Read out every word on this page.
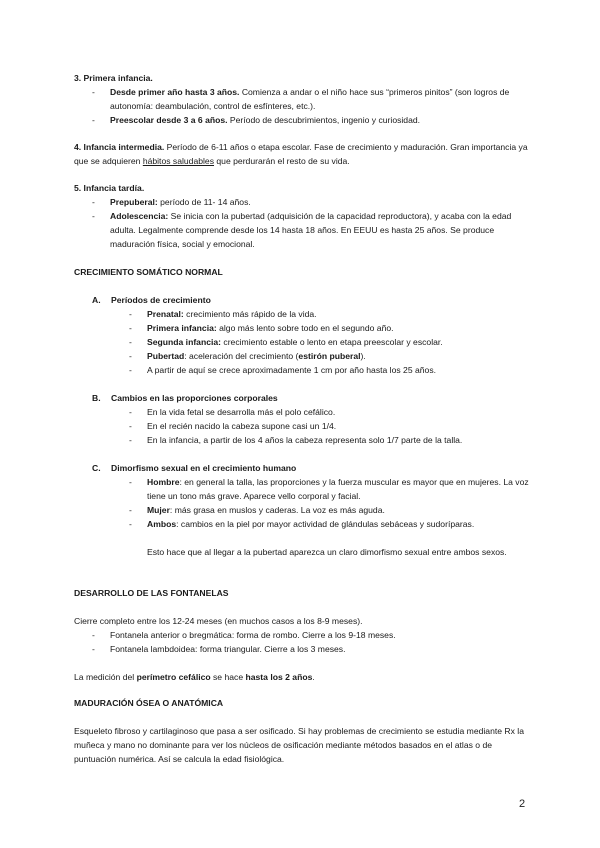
3. Primera infancia.

- Desde primer año hasta 3 años. Comienza a andar o el niño hace sus “primeros pinitos” (son logros de autonomía: deambulación, control de esfínteres, etc.).
- Preescolar desde 3 a 6 años. Período de descubrimientos, ingenio y curiosidad.

4. Infancia intermedia. Período de 6-11 años o etapa escolar. Fase de crecimiento y maduración. Gran importancia ya que se adquieren hábitos saludables que perdurarán el resto de su vida.

5. Infancia tardía.

- Prepuberal: período de 11- 14 años.
- Adolescencia: Se inicia con la pubertad (adquisición de la capacidad reproductora), y acaba con la edad adulta. Legalmente comprende desde los 14 hasta 18 años. En EEUU es hasta 25 años. Se produce maduración física, social y emocional.

CRECIMIENTO SOMÁTICO NORMAL

A. Períodos de crecimiento
- Prenatal: crecimiento más rápido de la vida.
- Primera infancia: algo más lento sobre todo en el segundo año.
- Segunda infancia: crecimiento estable o lento en etapa preescolar y escolar.
- Pubertad: aceleración del crecimiento (estirón puberal).
- A partir de aquí se crece aproximadamente 1 cm por año hasta los 25 años.
B. Cambios en las proporciones corporales
- En la vida fetal se desarrolla más el polo cefálico.
- En el recién nacido la cabeza supone casi un 1/4.
- En la infancia, a partir de los 4 años la cabeza representa solo 1/7 parte de la talla.
C. Dimorfismo sexual en el crecimiento humano
- Hombre: en general la talla, las proporciones y la fuerza muscular es mayor que en mujeres. La voz tiene un tono más grave. Aparece vello corporal y facial.
- Mujer: más grasa en muslos y caderas. La voz es más aguda.
- Ambos: cambios en la piel por mayor actividad de glándulas sebáceas y sudoríparas.

Esto hace que al llegar a la pubertad aparezca un claro dimorfismo sexual entre ambos sexos.

DESARROLLO DE LAS FONTANELAS

Cierre completo entre los 12-24 meses (en muchos casos a los 8-9 meses).

- Fontanela anterior o bregmática: forma de rombo. Cierre a los 9-18 meses.
- Fontanela lambdoidea: forma triangular. Cierre a los 3 meses.

La medición del perímetro cefálico se hace hasta los 2 años.

MADURACIÓN ÓSEA O ANATÓMICA

Esqueleto fibroso y cartilaginoso que pasa a ser osificado. Si hay problemas de crecimiento se estudia mediante Rx la muñeca y mano no dominante para ver los núcleos de osificación mediante métodos basados en el atlas o de puntuación numérica. Así se calcula la edad fisiológica.

2
